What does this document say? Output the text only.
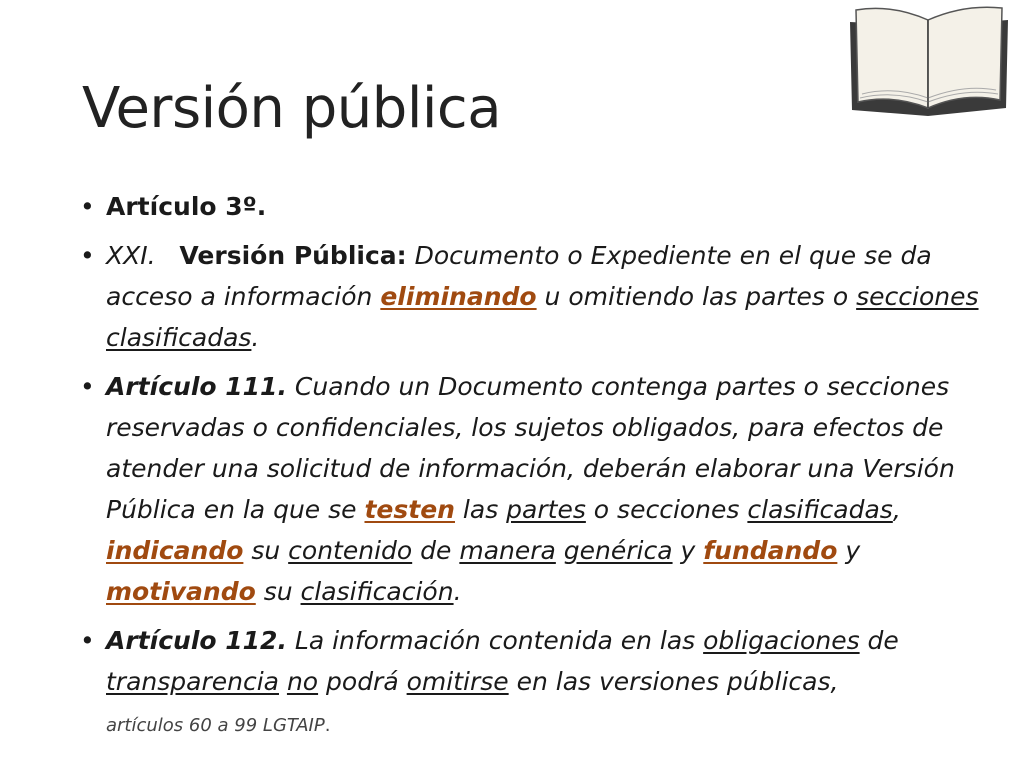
Versión pública
• Artículo 3º.
• XXI. Versión Pública: Documento o Expediente en el que se da acceso a información eliminando u omitiendo las partes o secciones clasificadas.
• Artículo 111. Cuando un Documento contenga partes o secciones reservadas o confidenciales, los sujetos obligados, para efectos de atender una solicitud de información, deberán elaborar una Versión Pública en la que se testen las partes o secciones clasificadas, indicando su contenido de manera genérica y fundando y motivando su clasificación.
• Artículo 112. La información contenida en las obligaciones de transparencia no podrá omitirse en las versiones públicas,
artículos 60 a 99 LGTAIP.
